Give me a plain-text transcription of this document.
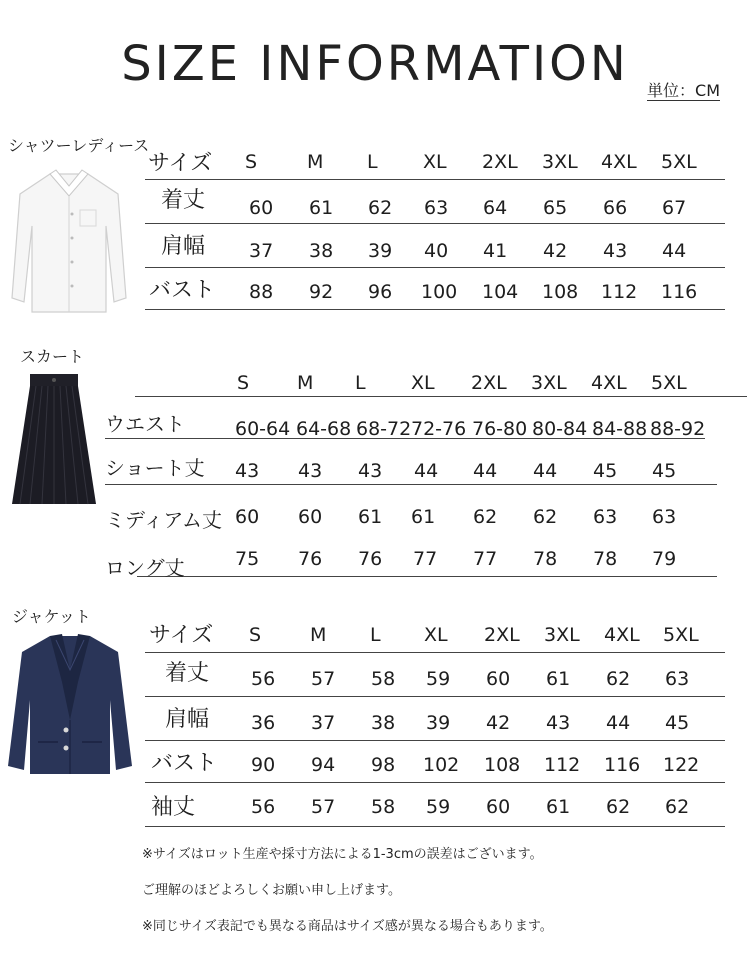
SIZE INFORMATION	単位：CM
シャツーレディース
サイズ S	M L XL 2XL 3XL 4XL 5XL
着丈 60 61 62 63 64 65 66 67
肩幅 37 38 39 40 41 42 43 44
バスト 88 92 96 100 104 108 112 116
スカート
S	M L XL 2XL 3XL 4XL 5XL
ウエスト	60-64 64-68 68-72 72-76 76-80 80-84 84-88 88-92
ショート丈 43 43 43 44 44 44 45 45
ミディアム丈 60 60 61 61 62 62 63 63
ロング丈	75 76 76 77 77 78 78 79
ジャケット
サイズ S	M L XL 2XL 3XL 4XL 5XL
着丈 56 57 58 59 60 61 62 63
肩幅 36 37 38 39 42 43 44 45
バスト 90 94 98 102 108 112 116 122
袖丈	56 57 58 59 60 61 62 62
※サイズはロット生産や採寸方法による1-3cmの誤差はございます。
ご理解のほどよろしくお願い申し上げます。
※同じサイズ表記でも異なる商品はサイズ感が異なる場合もあります。
